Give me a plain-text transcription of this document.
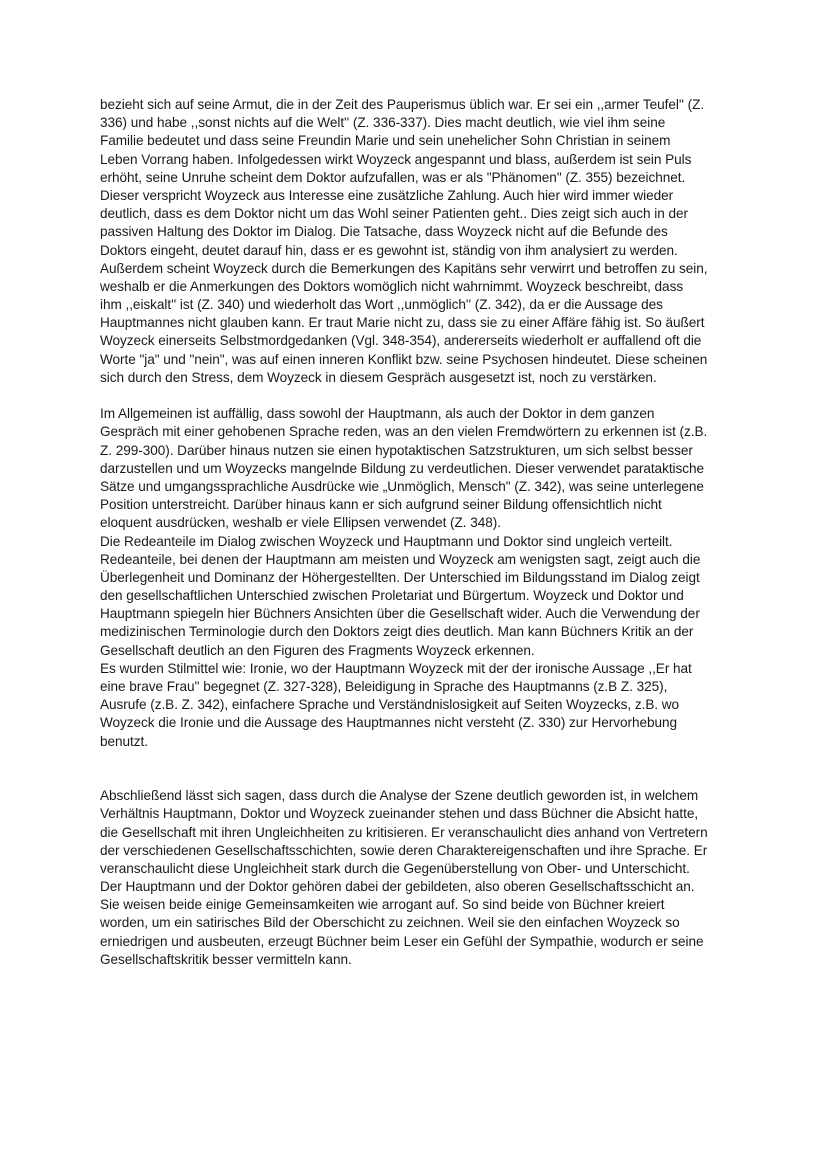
bezieht sich auf seine Armut, die in der Zeit des Pauperismus üblich war. Er sei ein ,,armer Teufel'' (Z.
336) und habe ,,sonst nichts auf die Welt'' (Z. 336-337). Dies macht deutlich, wie viel ihm seine
Familie bedeutet und dass seine Freundin Marie und sein unehelicher Sohn Christian in seinem
Leben Vorrang haben. Infolgedessen wirkt Woyzeck angespannt und blass, außerdem ist sein Puls
erhöht, seine Unruhe scheint dem Doktor aufzufallen, was er als "Phänomen" (Z. 355) bezeichnet.
Dieser verspricht Woyzeck aus Interesse eine zusätzliche Zahlung. Auch hier wird immer wieder
deutlich, dass es dem Doktor nicht um das Wohl seiner Patienten geht.. Dies zeigt sich auch in der
passiven Haltung des Doktor im Dialog. Die Tatsache, dass Woyzeck nicht auf die Befunde des
Doktors eingeht, deutet darauf hin, dass er es gewohnt ist, ständig von ihm analysiert zu werden.
Außerdem scheint Woyzeck durch die Bemerkungen des Kapitäns sehr verwirrt und betroffen zu sein,
weshalb er die Anmerkungen des Doktors womöglich nicht wahrnimmt. Woyzeck beschreibt, dass
ihm ,,eiskalt'' ist (Z. 340) und wiederholt das Wort ,,unmöglich'' (Z. 342), da er die Aussage des
Hauptmannes nicht glauben kann. Er traut Marie nicht zu, dass sie zu einer Affäre fähig ist. So äußert
Woyzeck einerseits Selbstmordgedanken (Vgl. 348-354), andererseits wiederholt er auffallend oft die
Worte "ja" und "nein", was auf einen inneren Konflikt bzw. seine Psychosen hindeutet. Diese scheinen
sich durch den Stress, dem Woyzeck in diesem Gespräch ausgesetzt ist, noch zu verstärken.
Im Allgemeinen ist auffällig, dass sowohl der Hauptmann, als auch der Doktor in dem ganzen
Gespräch mit einer gehobenen Sprache reden, was an den vielen Fremdwörtern zu erkennen ist (z.B.
Z. 299-300). Darüber hinaus nutzen sie einen hypotaktischen Satzstrukturen, um sich selbst besser
darzustellen und um Woyzecks mangelnde Bildung zu verdeutlichen. Dieser verwendet parataktische
Sätze und umgangssprachliche Ausdrücke wie „Unmöglich, Mensch" (Z. 342), was seine unterlegene
Position unterstreicht. Darüber hinaus kann er sich aufgrund seiner Bildung offensichtlich nicht
eloquent ausdrücken, weshalb er viele Ellipsen verwendet (Z. 348).
Die Redeanteile im Dialog zwischen Woyzeck und Hauptmann und Doktor sind ungleich verteilt.
Redeanteile, bei denen der Hauptmann am meisten und Woyzeck am wenigsten sagt, zeigt auch die
Überlegenheit und Dominanz der Höhergestellten. Der Unterschied im Bildungsstand im Dialog zeigt
den gesellschaftlichen Unterschied zwischen Proletariat und Bürgertum. Woyzeck und Doktor und
Hauptmann spiegeln hier Büchners Ansichten über die Gesellschaft wider. Auch die Verwendung der
medizinischen Terminologie durch den Doktors zeigt dies deutlich. Man kann Büchners Kritik an der
Gesellschaft deutlich an den Figuren des Fragments Woyzeck erkennen.
Es wurden Stilmittel wie: Ironie, wo der Hauptmann Woyzeck mit der der ironische Aussage ,,Er hat
eine brave Frau'' begegnet (Z. 327-328), Beleidigung in Sprache des Hauptmanns (z.B Z. 325),
Ausrufe (z.B. Z. 342), einfachere Sprache und Verständnislosigkeit auf Seiten Woyzecks, z.B. wo
Woyzeck die Ironie und die Aussage des Hauptmannes nicht versteht (Z. 330) zur Hervorhebung
benutzt.
Abschließend lässt sich sagen, dass durch die Analyse der Szene deutlich geworden ist, in welchem
Verhältnis Hauptmann, Doktor und Woyzeck zueinander stehen und dass Büchner die Absicht hatte,
die Gesellschaft mit ihren Ungleichheiten zu kritisieren. Er veranschaulicht dies anhand von Vertretern
der verschiedenen Gesellschaftsschichten, sowie deren Charaktereigenschaften und ihre Sprache. Er
veranschaulicht diese Ungleichheit stark durch die Gegenüberstellung von Ober- und Unterschicht.
Der Hauptmann und der Doktor gehören dabei der gebildeten, also oberen Gesellschaftsschicht an.
Sie weisen beide einige Gemeinsamkeiten wie arrogant auf. So sind beide von Büchner kreiert
worden, um ein satirisches Bild der Oberschicht zu zeichnen. Weil sie den einfachen Woyzeck so
erniedrigen und ausbeuten, erzeugt Büchner beim Leser ein Gefühl der Sympathie, wodurch er seine
Gesellschaftskritik besser vermitteln kann.
